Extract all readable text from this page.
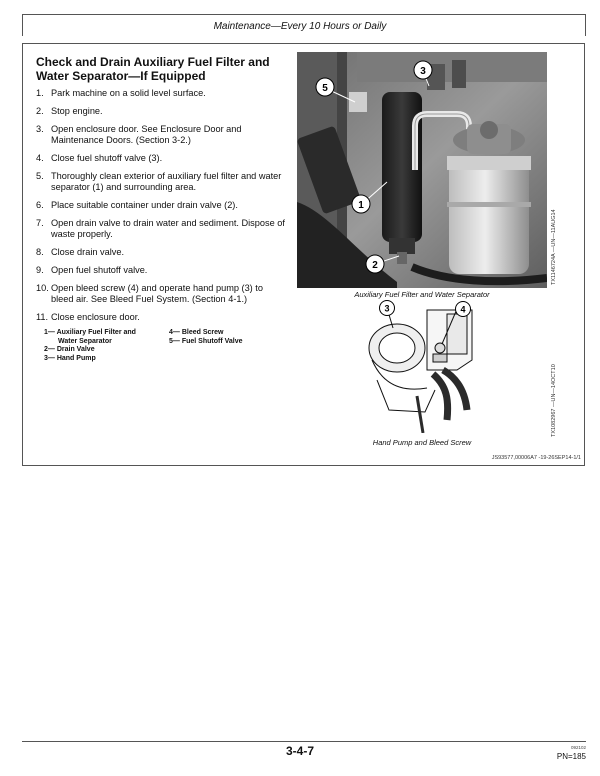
Maintenance—Every 10 Hours or Daily
Check and Drain Auxiliary Fuel Filter and
Water Separator—If Equipped
1. Park machine on a solid level surface.
2. Stop engine.
3. Open enclosure door. See Enclosure Door and Maintenance Doors. (Section 3-2.)
4. Close fuel shutoff valve (3).
5. Thoroughly clean exterior of auxiliary fuel filter and water separator (1) and surrounding area.
6. Place suitable container under drain valve (2).
7. Open drain valve to drain water and sediment. Dispose of waste properly.
8. Close drain valve.
9. Open fuel shutoff valve.
10. Open bleed screw (4) and operate hand pump (3) to bleed air. See Bleed Fuel System. (Section 4-1.)
11. Close enclosure door.
1— Auxiliary Fuel Filter and
Water Separator
2— Drain Valve
3— Hand Pump
4— Bleed Screw
5— Fuel Shutoff Valve
5
3
1
2
Auxiliary Fuel Filter and Water Separator
TX1146724A —UN—11AUG14
3	4
Hand Pump and Bleed Screw
TX1082967 —UN—14OCT10
JS93577,00006A7 -19-26SEP14-1/1
3-4-7	092102
PN=185
